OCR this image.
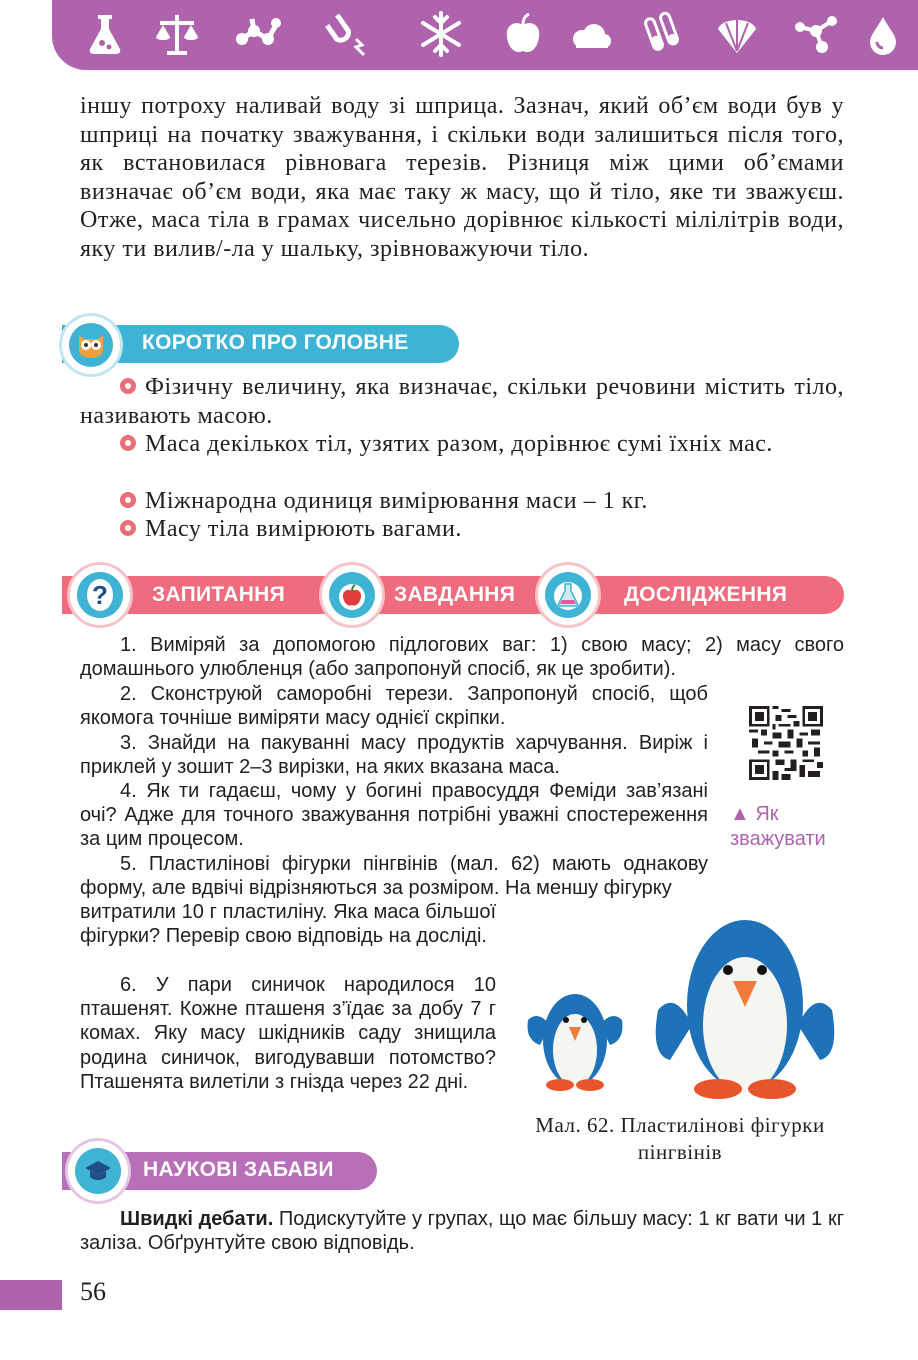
іншу потроху наливай воду зі шприца. Зазнач, який об’єм води був у шприці на початку зважування, і скільки води залишиться після того, як встановилася рівновага терезів. Різниця між цими об’ємами визначає об’єм води, яка має таку ж масу, що й тіло, яке ти зважуєш. Отже, маса тіла в грамах чисельно дорівнює кількості мілілітрів води, яку ти вилив/-ла у шальку, зрівноважуючи тіло.

КОРОТКО ПРО ГОЛОВНЕ
Фізичну величину, яка визначає, скільки речовини містить тіло, називають масою.
Маса декількох тіл, узятих разом, дорівнює сумі їхніх мас.
Міжнародна одиниця вимірювання маси – 1 кг.
Масу тіла вимірюють вагами.
? ЗАПИТАННЯ	ЗАВДАННЯ	ДОСЛІДЖЕННЯ

1. Виміряй за допомогою підлогових ваг: 1) свою масу; 2) масу свого домашнього улюбленця (або запропонуй спосіб, як це зробити).

2. Сконструюй саморобні терези. Запропонуй спосіб, щоб якомога точніше виміряти масу однієї скріпки.

3. Знайди на пакуванні масу продуктів харчування. Виріж і приклей у зошит 2–3 вирізки, на яких вказана маса.

4. Як ти гадаєш, чому у богині правосуддя Феміди зав’язані очі? Адже для точного зважування потрібні уважні спостереження за цим процесом.

5. Пластилінові фігурки пінгвінів (мал. 62) мають однакову форму, але вдвічі відрізняються за розміром. На меншу фігурку

витратили 10 г пластиліну. Яка маса більшої фігурки? Перевір свою відповідь на досліді.

6. У пари синичок народилося 10 пташенят. Кожне пташеня з’їдає за добу 7 г комах. Яку масу шкідників саду знищила родина синичок, вигодувавши потомство? Пташенята вилетіли з гнізда через 22 дні.

▲ Як зважувати
Мал. 62. Пластилінові фігурки пінгвінів
НАУКОВІ ЗАБАВИ

Швидкі дебати. Подискутуйте у групах, що має більшу масу: 1 кг вати чи 1 кг заліза. Обґрунтуйте свою відповідь.

56
